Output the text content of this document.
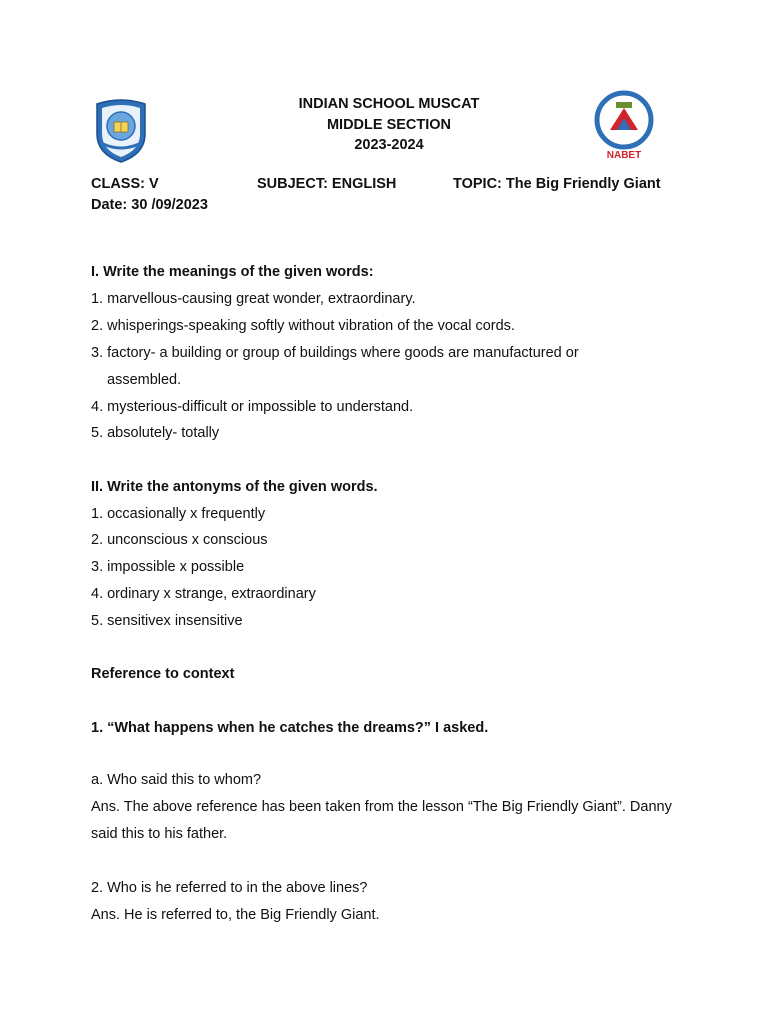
INDIAN SCHOOL MUSCAT
MIDDLE SECTION
2023-2024
NABET
CLASS: V	SUBJECT: ENGLISH	TOPIC: The Big Friendly Giant
Date: 30 /09/2023
I. Write the meanings of the given words:
1. marvellous-causing great wonder, extraordinary.
2. whisperings-speaking softly without vibration of the vocal cords.
3. factory- a building or group of buildings where goods are manufactured or
assembled.
4. mysterious-difficult or impossible to understand.
5. absolutely- totally
II. Write the antonyms of the given words.
1. occasionally x frequently
2. unconscious x conscious
3. impossible x possible
4. ordinary x strange, extraordinary
5. sensitivex insensitive
Reference to context
1. “What happens when he catches the dreams?” I asked.
a. Who said this to whom?
Ans. The above reference has been taken from the lesson “The Big Friendly Giant”. Danny
said this to his father.
2. Who is he referred to in the above lines?
Ans. He is referred to, the Big Friendly Giant.
